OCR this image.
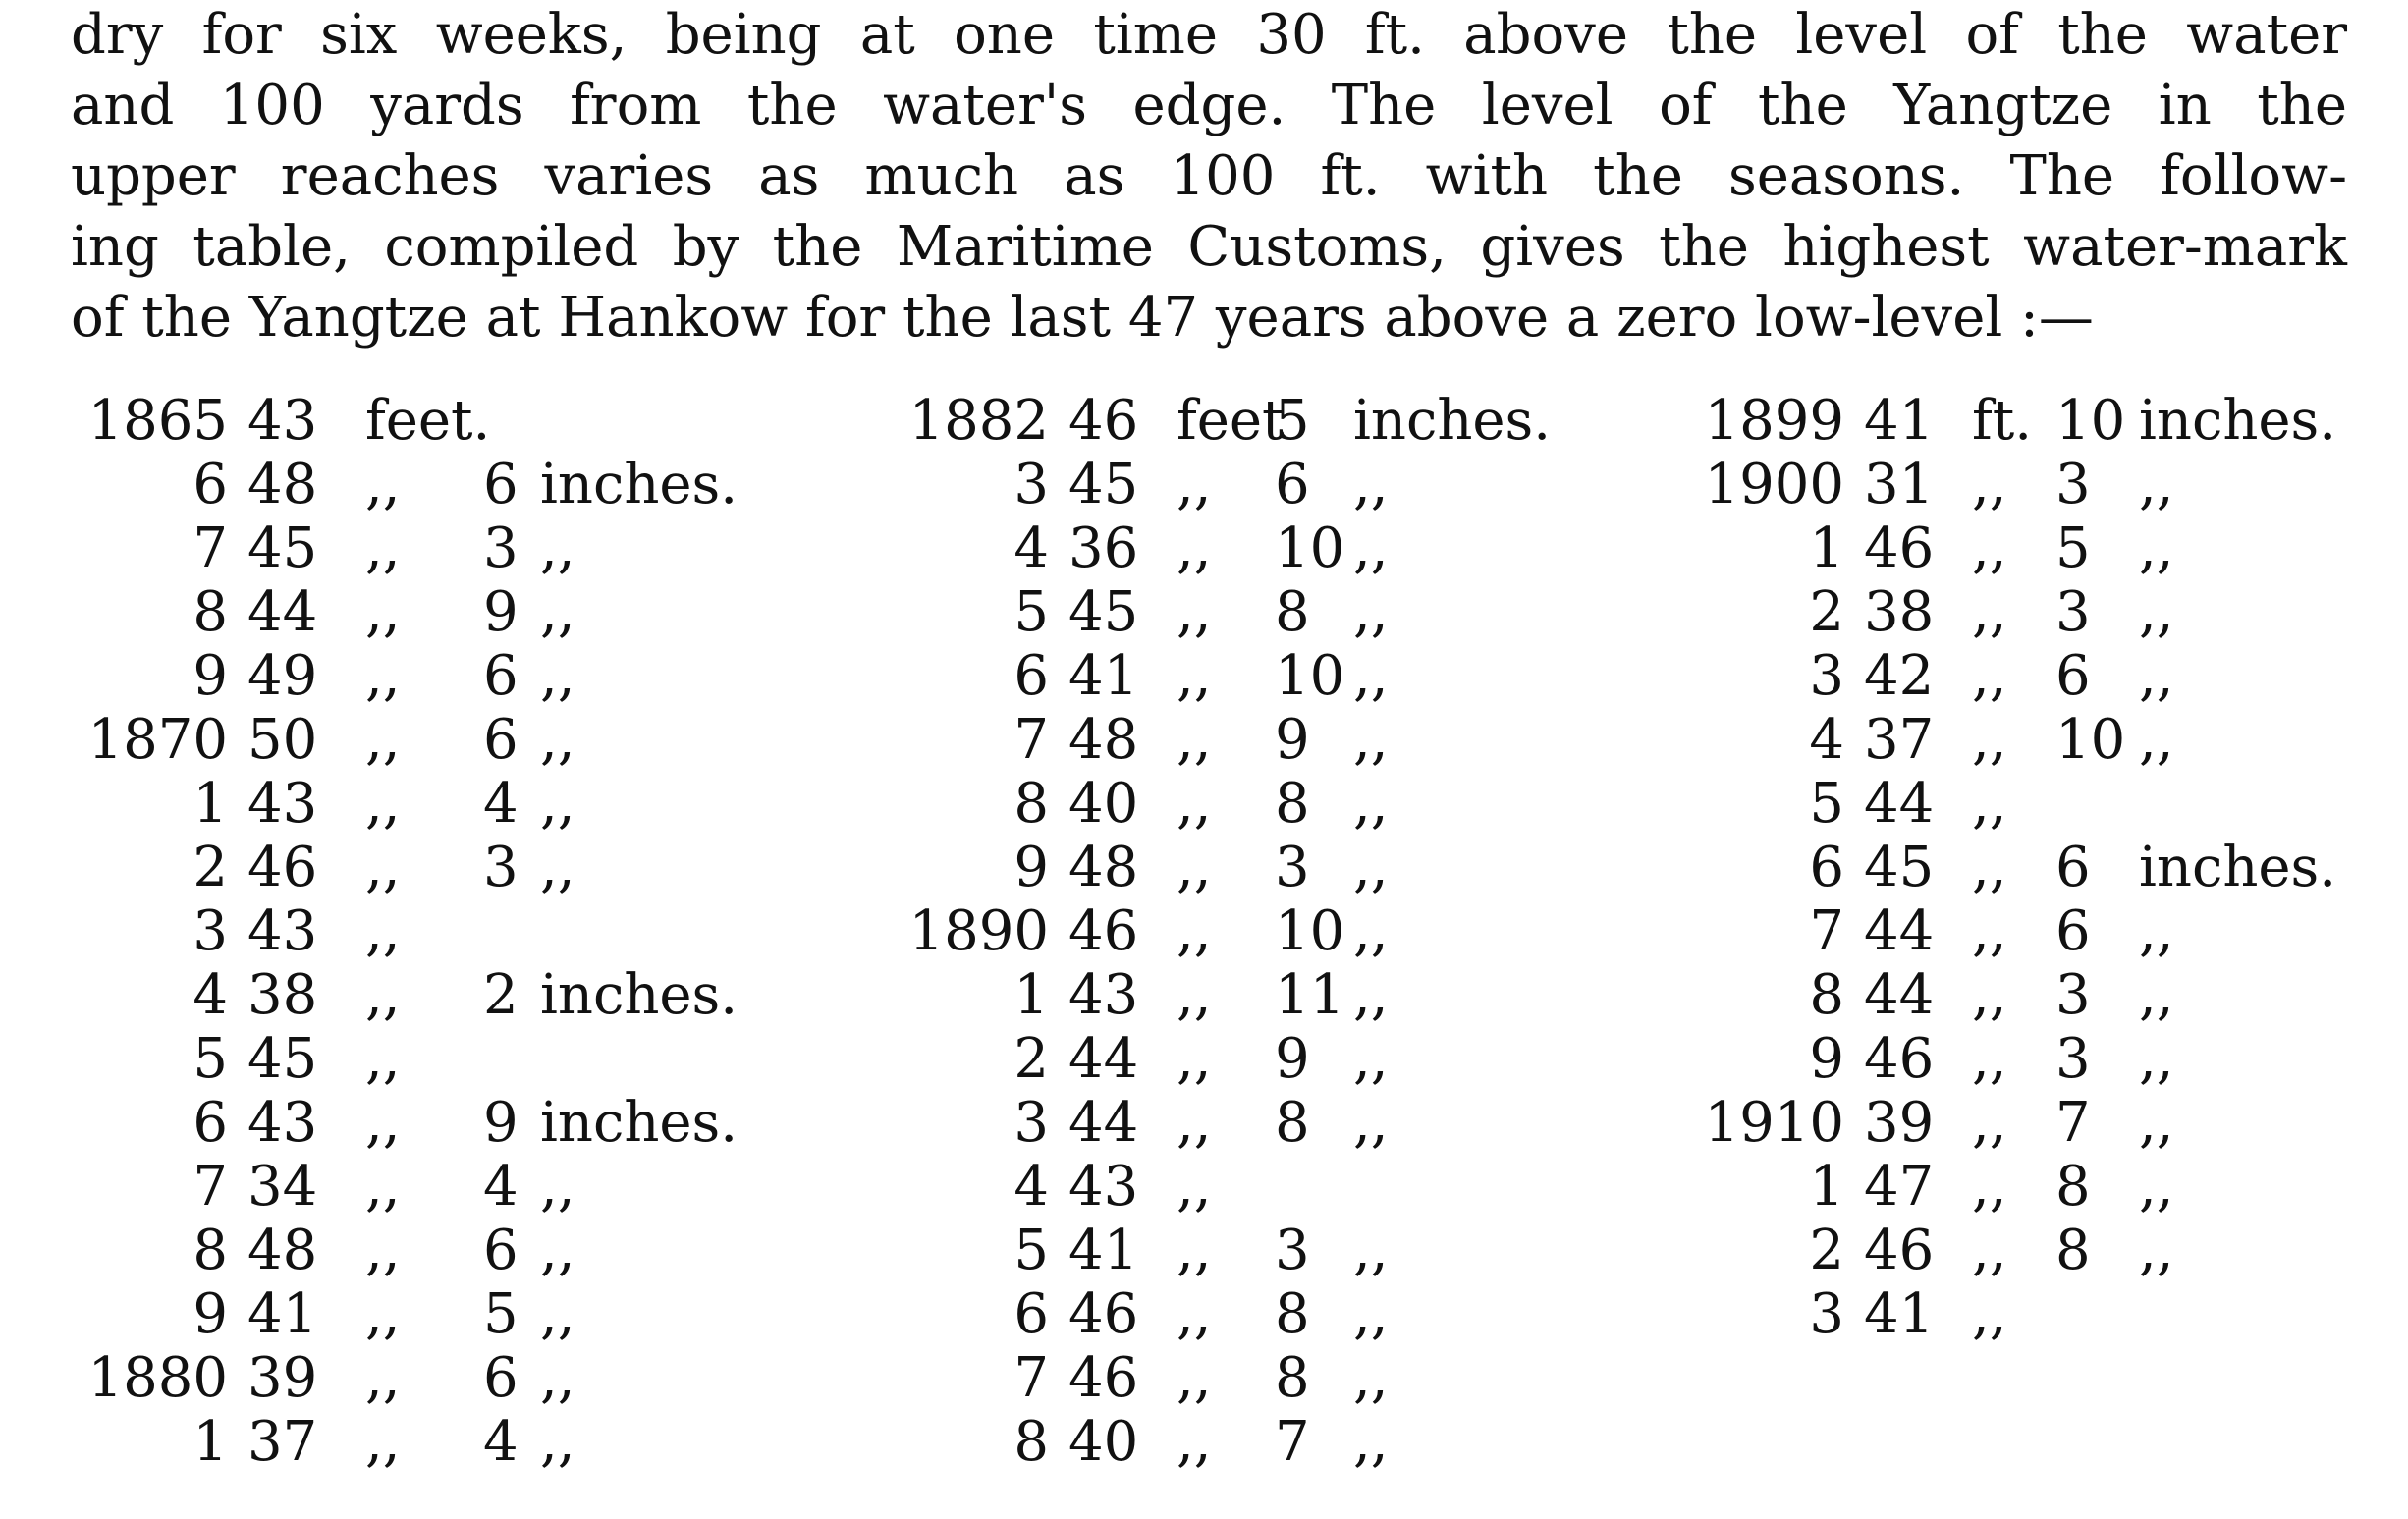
dry for six weeks, being at one time 30 ft. above the level of the water
and 100 yards from the water's edge. The level of the Yangtze in the
upper reaches varies as much as 100 ft. with the seasons. The follow-
ing table, compiled by the Maritime Customs, gives the highest water-mark
of the Yangtze at Hankow for the last 47 years above a zero low-level :—

1865 43 feet.
6 48 ,, 6 inches.
7 45 ,, 3 ,,
8 44 ,, 9 ,,
9 49 ,, 6 ,,
1870 50 ,, 6 ,,
1 43 ,, 4 ,,
2 46 ,, 3 ,,
3 43 ,,
4 38 ,, 2 inches.
5 45 ,,
6 43 ,, 9 inches.
7 34 ,, 4 ,,
8 48 ,, 6 ,,
9 41 ,, 5 ,,
1880 39 ,, 6 ,,
1 37 ,, 4 ,,
1882 46 feet
5 inches.
3 45 ,, 6 ,,
4 36 ,, 10 ,,
5 45 ,, 8 ,,
6 41 ,, 10 ,,
7 48 ,, 9 ,,
8 40 ,, 8 ,,
9 48 ,, 3 ,,
1890 46 ,, 10 ,,
1 43 ,, 11 ,,
2 44 ,, 9 ,,
3 44 ,, 8 ,,
4 43 ,,
5 41 ,, 3 ,,
6 46 ,, 8 ,,
7 46 ,, 8 ,,
8 40 ,, 7 ,,
1899 41 ft. 10 inches.
1900 31 ,, 3 ,,
1 46 ,, 5 ,,
2 38 ,, 3 ,,
3 42 ,, 6 ,,
4 37 ,, 10 ,,
5 44 ,,
6 45 ,, 6 inches.
7 44 ,, 6 ,,
8 44 ,, 3 ,,
9 46 ,, 3 ,,
1910 39 ,, 7 ,,
1 47 ,, 8 ,,
2 46 ,, 8 ,,
3 41 ,,
